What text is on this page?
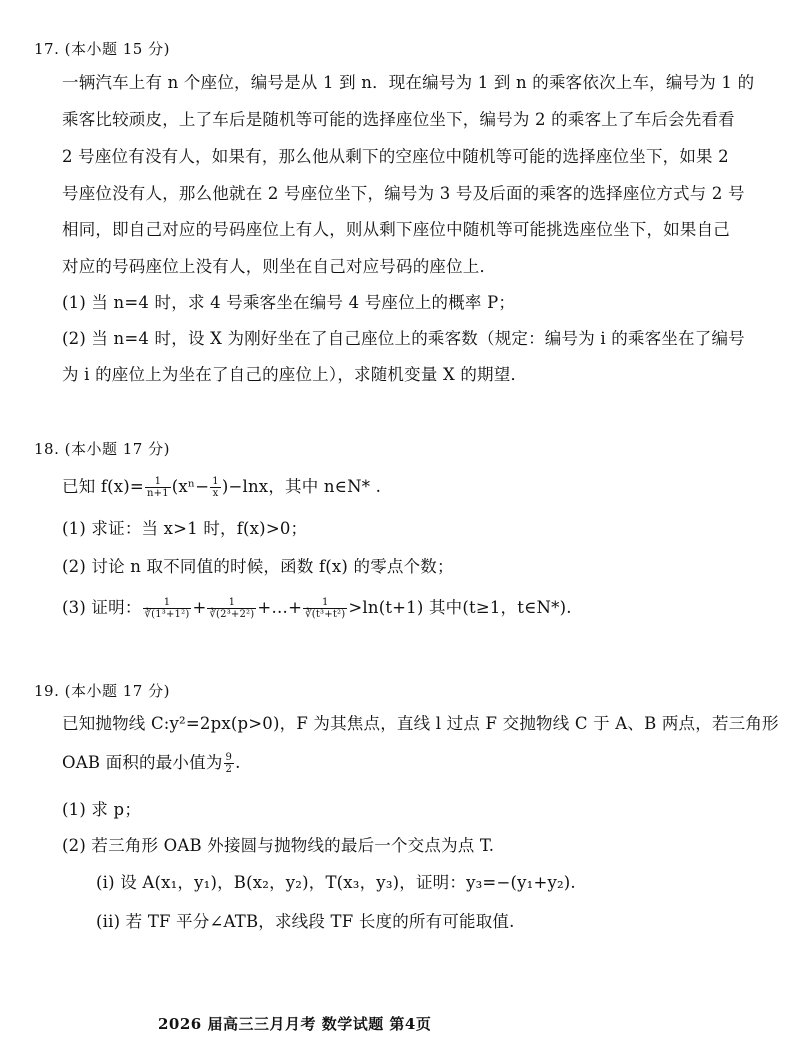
17. (本小题 15 分)
一辆汽车上有 n 个座位，编号是从 1 到 n．现在编号为 1 到 n 的乘客依次上车，编号为 1 的
乘客比较顽皮，上了车后是随机等可能的选择座位坐下，编号为 2 的乘客上了车后会先看看
2 号座位有没有人，如果有，那么他从剩下的空座位中随机等可能的选择座位坐下，如果 2
号座位没有人，那么他就在 2 号座位坐下，编号为 3 号及后面的乘客的选择座位方式与 2 号
相同，即自己对应的号码座位上有人，则从剩下座位中随机等可能挑选座位坐下，如果自己
对应的号码座位上没有人，则坐在自己对应号码的座位上．
(1) 当 n=4 时，求 4 号乘客坐在编号 4 号座位上的概率 P；
(2) 当 n=4 时，设 X 为刚好坐在了自己座位上的乘客数（规定：编号为 i 的乘客坐在了编号
为 i 的座位上为坐在了自己的座位上），求随机变量 X 的期望．
18. (本小题 17 分)
已知 $f(x)= \frac{1}{n+1} (x^n- \frac{1}{x} )-\ln x$，其中 n∈N* .
(1) 求证：当 x>1 时，f(x)>0；
(2) 讨论 n 取不同值的时候，函数 f(x) 的零点个数；
(3) 证明： $\frac{1}{\text{∛(1³+1²)}} + \frac{1}{\text{∛(2³+2²)}}$ +…+ $\frac{1}{\text{∛(t³+t²)}} >\ln(t+1)$ 其中(t≥1，t∈N*).
19. (本小题 17 分)
已知抛物线 C:y²=2px(p>0)，F 为其焦点，直线 l 过点 F 交抛物线 C 于 A、B 两点，若三角形
OAB 面积的最小值为 $\frac{9}{2}$ .
(1) 求 p；
(2) 若三角形 OAB 外接圆与抛物线的最后一个交点为点 T.
(i) 设 A(x₁，y₁)，B(x₂，y₂)，T(x₃，y₃)，证明：y₃=−(y₁+y₂).
(ii) 若 TF 平分∠ATB，求线段 TF 长度的所有可能取值.
2026 届高三三月月考 数学试题 第4页
